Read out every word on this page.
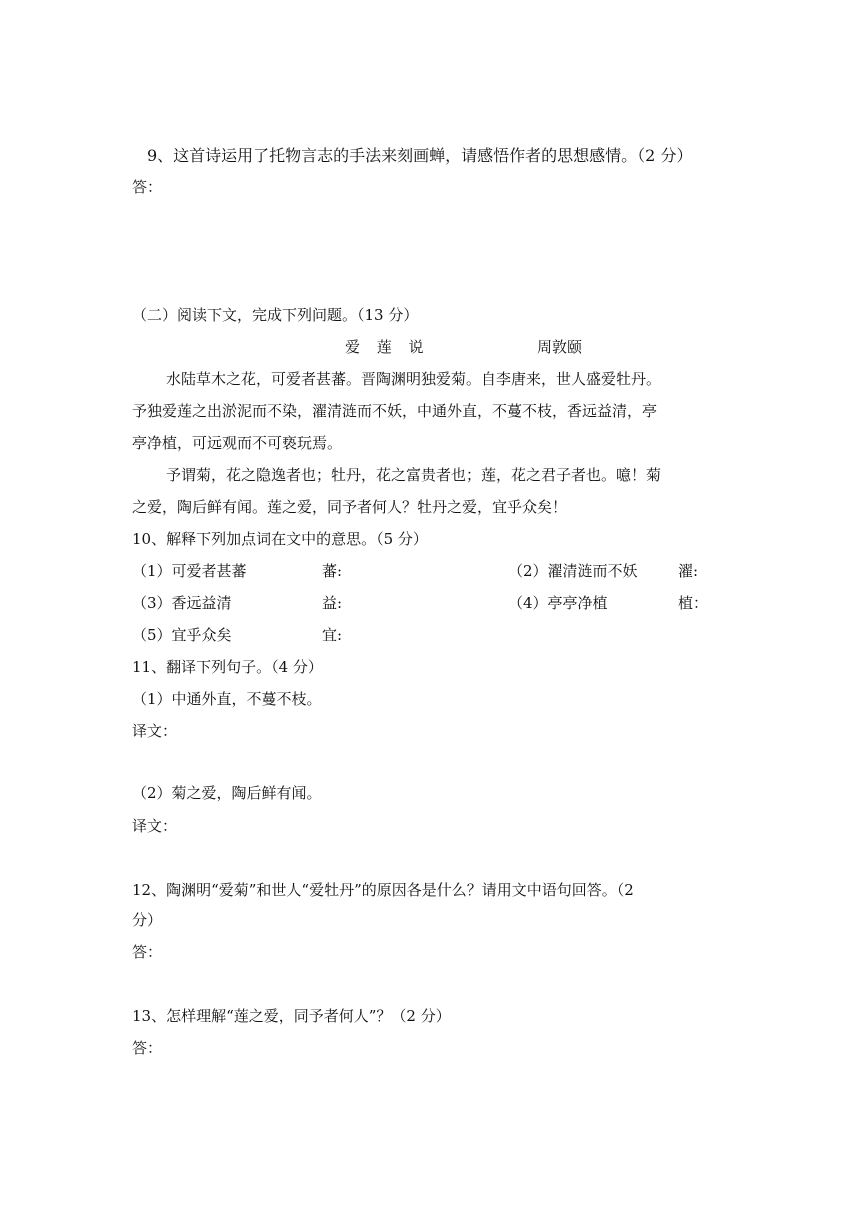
9、这首诗运用了托物言志的手法来刻画蝉，请感悟作者的思想感情。（2 分）
答：
（二）阅读下文，完成下列问题。（13 分）
爱 莲 说	周敦颐
水陆草木之花，可爱者甚蕃。晋陶渊明独爱菊。自李唐来，世人盛爱牡丹。
予独爱莲之出淤泥而不染，濯清涟而不妖，中通外直，不蔓不枝，香远益清，亭
亭净植，可远观而不可亵玩焉。
予谓菊，花之隐逸者也；牡丹，花之富贵者也；莲，花之君子者也。噫！菊
之爱，陶后鲜有闻。莲之爱，同予者何人？牡丹之爱，宜乎众矣！
10、解释下列加点词在文中的意思。（5 分）
（1）可爱者甚蕃	蕃:	（2）濯清涟而不妖	濯:
（3）香远益清	益:	（4）亭亭净植	植：
（5）宜乎众矣	宜:
11、翻译下列句子。（4 分）
（1）中通外直，不蔓不枝。
译文：
（2）菊之爱，陶后鲜有闻。
译文：
12、陶渊明“爱菊”和世人“爱牡丹”的原因各是什么？请用文中语句回答。（2
分）
答：
13、怎样理解“莲之爱，同予者何人”？（2 分）
答：
